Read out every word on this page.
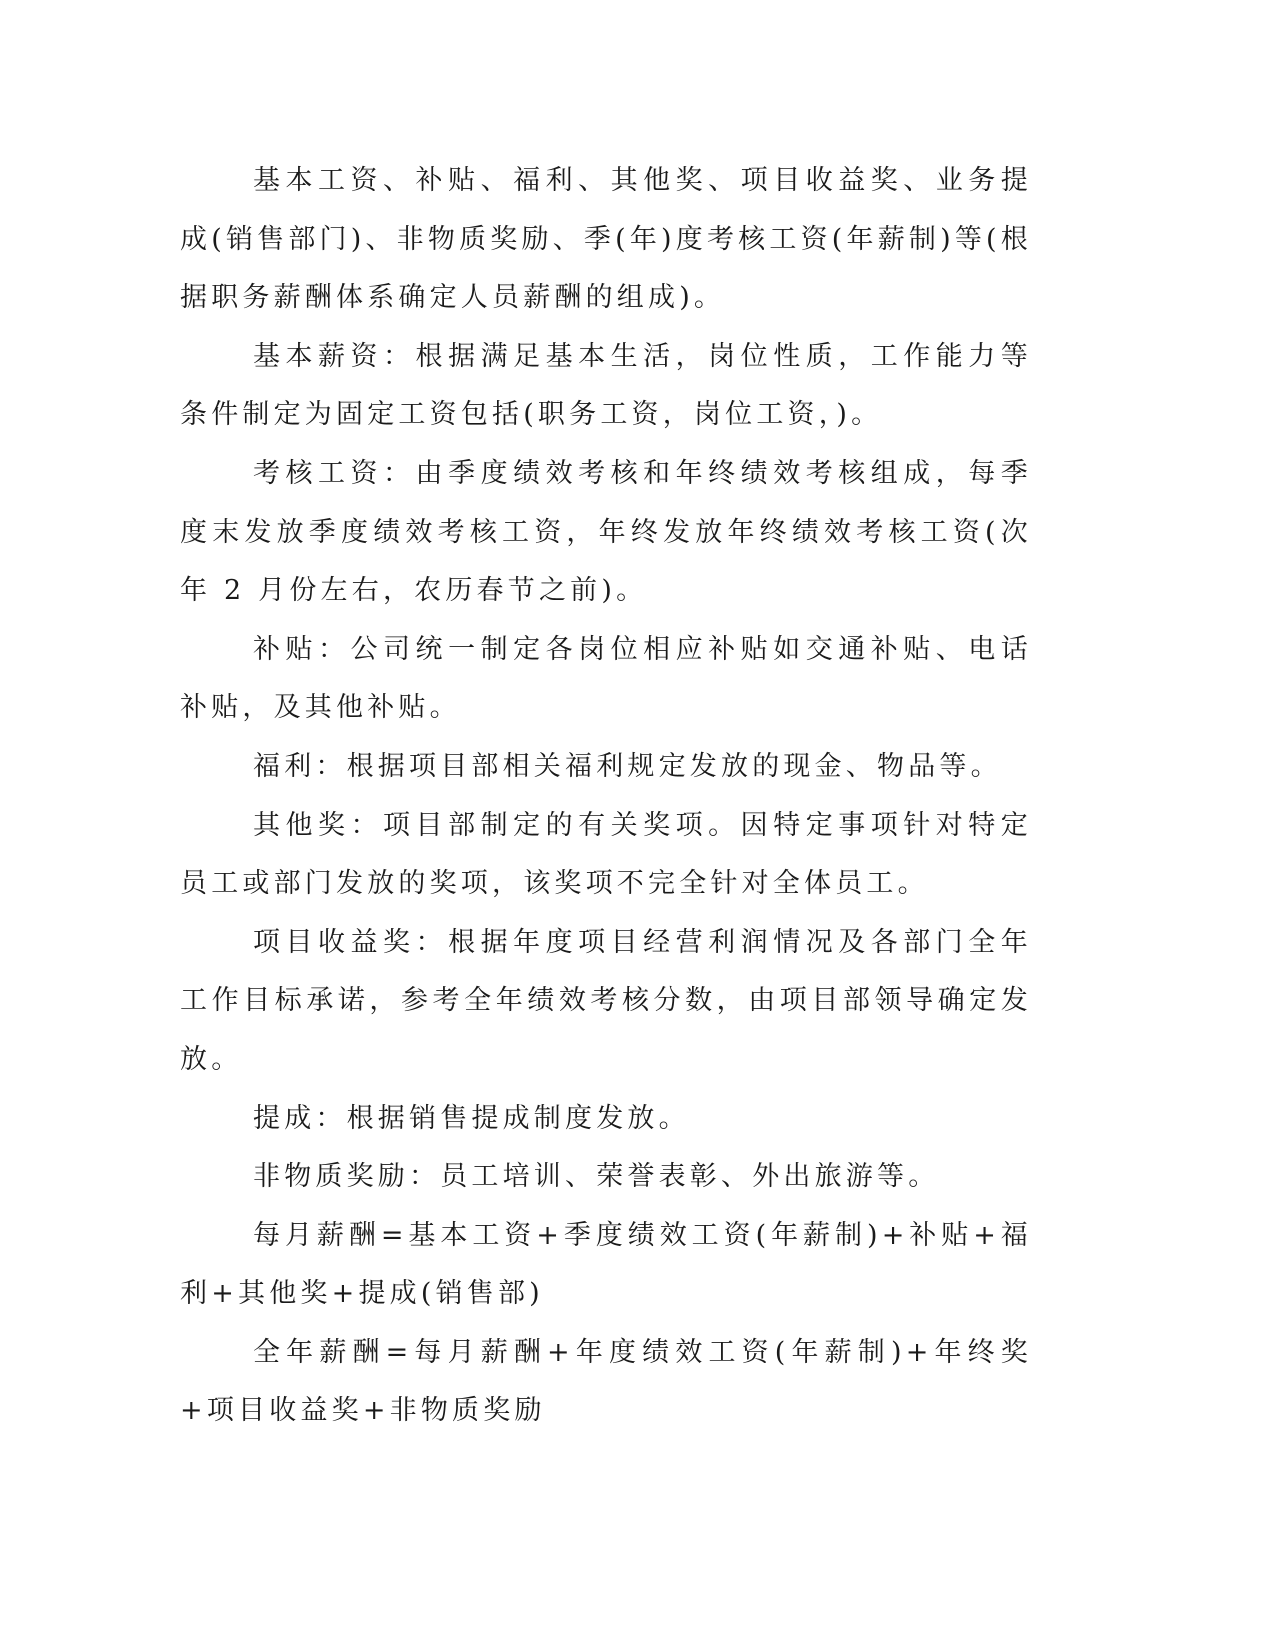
基本工资、补贴、福利、其他奖、项目收益奖、业务提成(销售部门)、非物质奖励、季(年)度考核工资(年薪制)等(根据职务薪酬体系确定人员薪酬的组成)。

基本薪资：根据满足基本生活，岗位性质，工作能力等条件制定为固定工资包括(职务工资，岗位工资，)。

考核工资：由季度绩效考核和年终绩效考核组成，每季度末发放季度绩效考核工资，年终发放年终绩效考核工资(次年 2 月份左右，农历春节之前)。

补贴：公司统一制定各岗位相应补贴如交通补贴、电话补贴，及其他补贴。

福利：根据项目部相关福利规定发放的现金、物品等。

其他奖：项目部制定的有关奖项。因特定事项针对特定员工或部门发放的奖项，该奖项不完全针对全体员工。

项目收益奖：根据年度项目经营利润情况及各部门全年工作目标承诺，参考全年绩效考核分数，由项目部领导确定发放。

提成：根据销售提成制度发放。

非物质奖励：员工培训、荣誉表彰、外出旅游等。

每月薪酬=基本工资+季度绩效工资(年薪制)+补贴+福利+其他奖+提成(销售部)

全年薪酬=每月薪酬+年度绩效工资(年薪制)+年终奖+项目收益奖+非物质奖励
